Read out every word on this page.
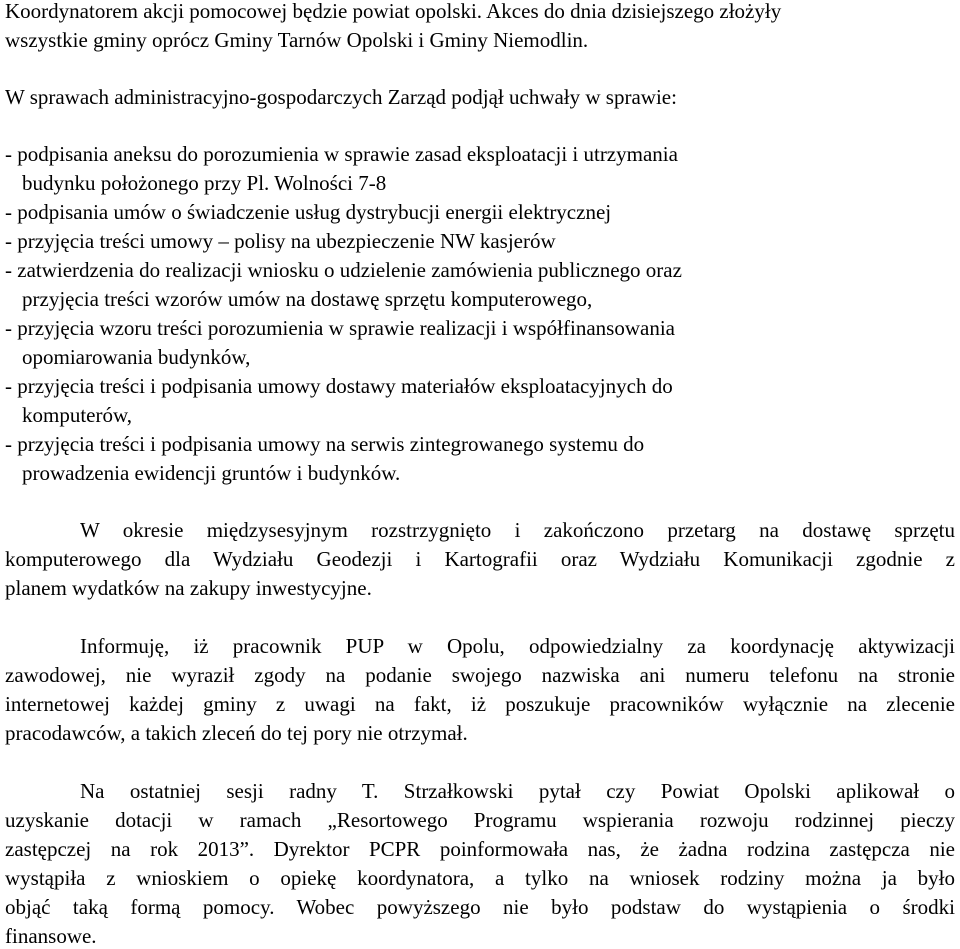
Koordynatorem akcji pomocowej będzie powiat opolski. Akces do dnia dzisiejszego złożyły
wszystkie gminy oprócz Gminy Tarnów Opolski i Gminy Niemodlin.
W sprawach administracyjno-gospodarczych Zarząd podjął uchwały w sprawie:
- podpisania aneksu do porozumienia w sprawie zasad eksploatacji i utrzymania
budynku położonego przy Pl. Wolności 7-8
- podpisania umów o świadczenie usług dystrybucji energii elektrycznej
- przyjęcia treści umowy – polisy na ubezpieczenie NW kasjerów
- zatwierdzenia do realizacji wniosku o udzielenie zamówienia publicznego oraz
przyjęcia treści wzorów umów na dostawę sprzętu komputerowego,
- przyjęcia wzoru treści porozumienia w sprawie realizacji i współfinansowania
opomiarowania budynków,
- przyjęcia treści i podpisania umowy dostawy materiałów eksploatacyjnych do
komputerów,
- przyjęcia treści i podpisania umowy na serwis zintegrowanego systemu do
prowadzenia ewidencji gruntów i budynków.
W okresie międzysesyjnym rozstrzygnięto i zakończono przetarg na dostawę sprzętu
komputerowego dla Wydziału Geodezji i Kartografii oraz Wydziału Komunikacji zgodnie z
planem wydatków na zakupy inwestycyjne.
Informuję, iż pracownik PUP w Opolu, odpowiedzialny za koordynację aktywizacji
zawodowej, nie wyraził zgody na podanie swojego nazwiska ani numeru telefonu na stronie
internetowej każdej gminy z uwagi na fakt, iż poszukuje pracowników wyłącznie na zlecenie
pracodawców, a takich zleceń do tej pory nie otrzymał.
Na ostatniej sesji radny T. Strzałkowski pytał czy Powiat Opolski aplikował o
uzyskanie dotacji w ramach „Resortowego Programu wspierania rozwoju rodzinnej pieczy
zastępczej na rok 2013”. Dyrektor PCPR poinformowała nas, że żadna rodzina zastępcza nie
wystąpiła z wnioskiem o opiekę koordynatora, a tylko na wniosek rodziny można ja było
objąć taką formą pomocy. Wobec powyższego nie było podstaw do wystąpienia o środki
finansowe.
